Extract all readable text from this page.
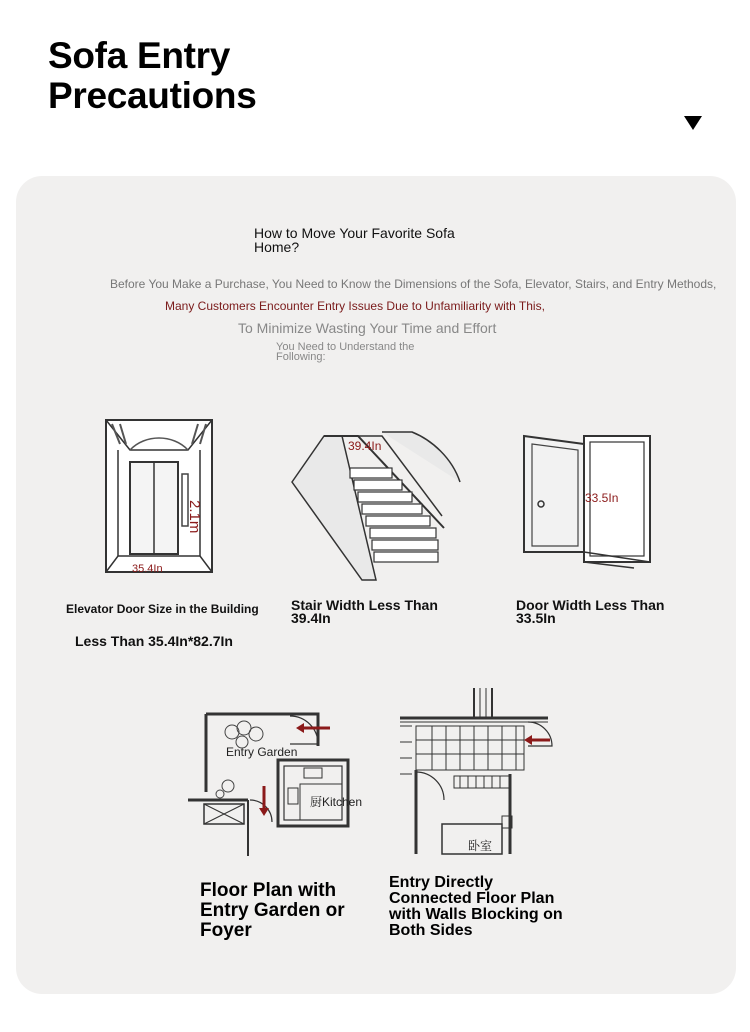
Sofa Entry
Precautions
How to Move Your Favorite Sofa Home?
Before You Make a Purchase, You Need to Know the Dimensions of the Sofa, Elevator, Stairs, and Entry Methods,
Many Customers Encounter Entry Issues Due to Unfamiliarity with This,
To Minimize Wasting Your Time and Effort
You Need to Understand the Following:
2.1m
35.4In
Elevator Door Size in the Building
Less Than 35.4In*82.7In
39.4In
Stair Width Less Than 39.4In
33.5In
Door Width Less Than 33.5In
Entry Garden
厨Kitchen
Floor Plan with Entry Garden or Foyer
卧室
Entry Directly Connected Floor Plan with Walls Blocking on Both Sides
